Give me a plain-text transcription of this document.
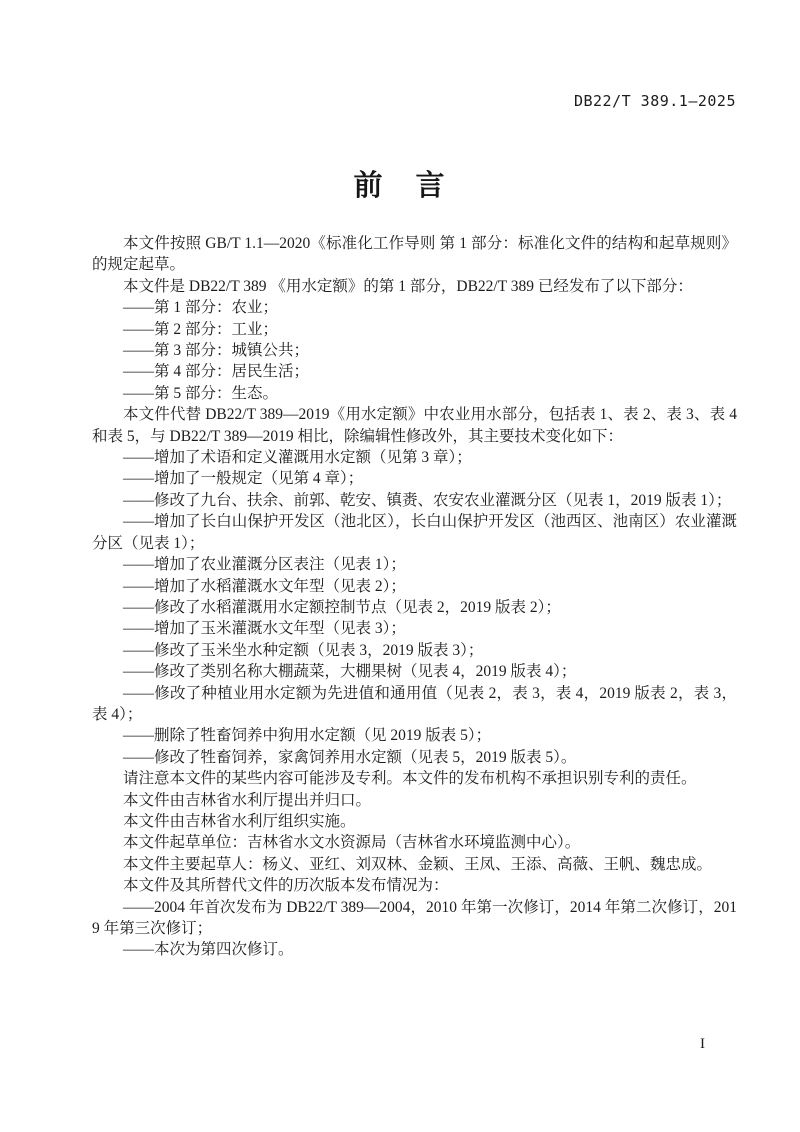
DB22/T 389.1—2025
前　言

本文件按照 GB/T 1.1—2020《标准化工作导则 第 1 部分：标准化文件的结构和起草规则》的规定起草。

本文件是 DB22/T 389 《用水定额》的第 1 部分，DB22/T 389 已经发布了以下部分：

——第 1 部分：农业；

——第 2 部分：工业；

——第 3 部分：城镇公共；

——第 4 部分：居民生活；

——第 5 部分：生态。

本文件代替 DB22/T 389—2019《用水定额》中农业用水部分，包括表 1、表 2、表 3、表 4 和表 5，与 DB22/T 389—2019 相比，除编辑性修改外，其主要技术变化如下：

——增加了术语和定义灌溉用水定额（见第 3 章）；

——增加了一般规定（见第 4 章）；

——修改了九台、扶余、前郭、乾安、镇赉、农安农业灌溉分区（见表 1，2019 版表 1）；

——增加了长白山保护开发区（池北区），长白山保护开发区（池西区、池南区）农业灌溉分区（见表 1）；

——增加了农业灌溉分区表注（见表 1）；

——增加了水稻灌溉水文年型（见表 2）；

——修改了水稻灌溉用水定额控制节点（见表 2，2019 版表 2）；

——增加了玉米灌溉水文年型（见表 3）；

——修改了玉米坐水种定额（见表 3，2019 版表 3）；

——修改了类别名称大棚蔬菜，大棚果树（见表 4，2019 版表 4）；

——修改了种植业用水定额为先进值和通用值（见表 2，表 3，表 4，2019 版表 2，表 3，表 4）；

——删除了牲畜饲养中狗用水定额（见 2019 版表 5）；

——修改了牲畜饲养，家禽饲养用水定额（见表 5，2019 版表 5）。

请注意本文件的某些内容可能涉及专利。本文件的发布机构不承担识别专利的责任。

本文件由吉林省水利厅提出并归口。

本文件由吉林省水利厅组织实施。

本文件起草单位：吉林省水文水资源局（吉林省水环境监测中心）。

本文件主要起草人：杨义、亚红、刘双林、金颖、王凤、王添、高薇、王帆、魏忠成。

本文件及其所替代文件的历次版本发布情况为：

——2004 年首次发布为 DB22/T 389—2004，2010 年第一次修订，2014 年第二次修订，2019 年第三次修订；

——本次为第四次修订。

I
